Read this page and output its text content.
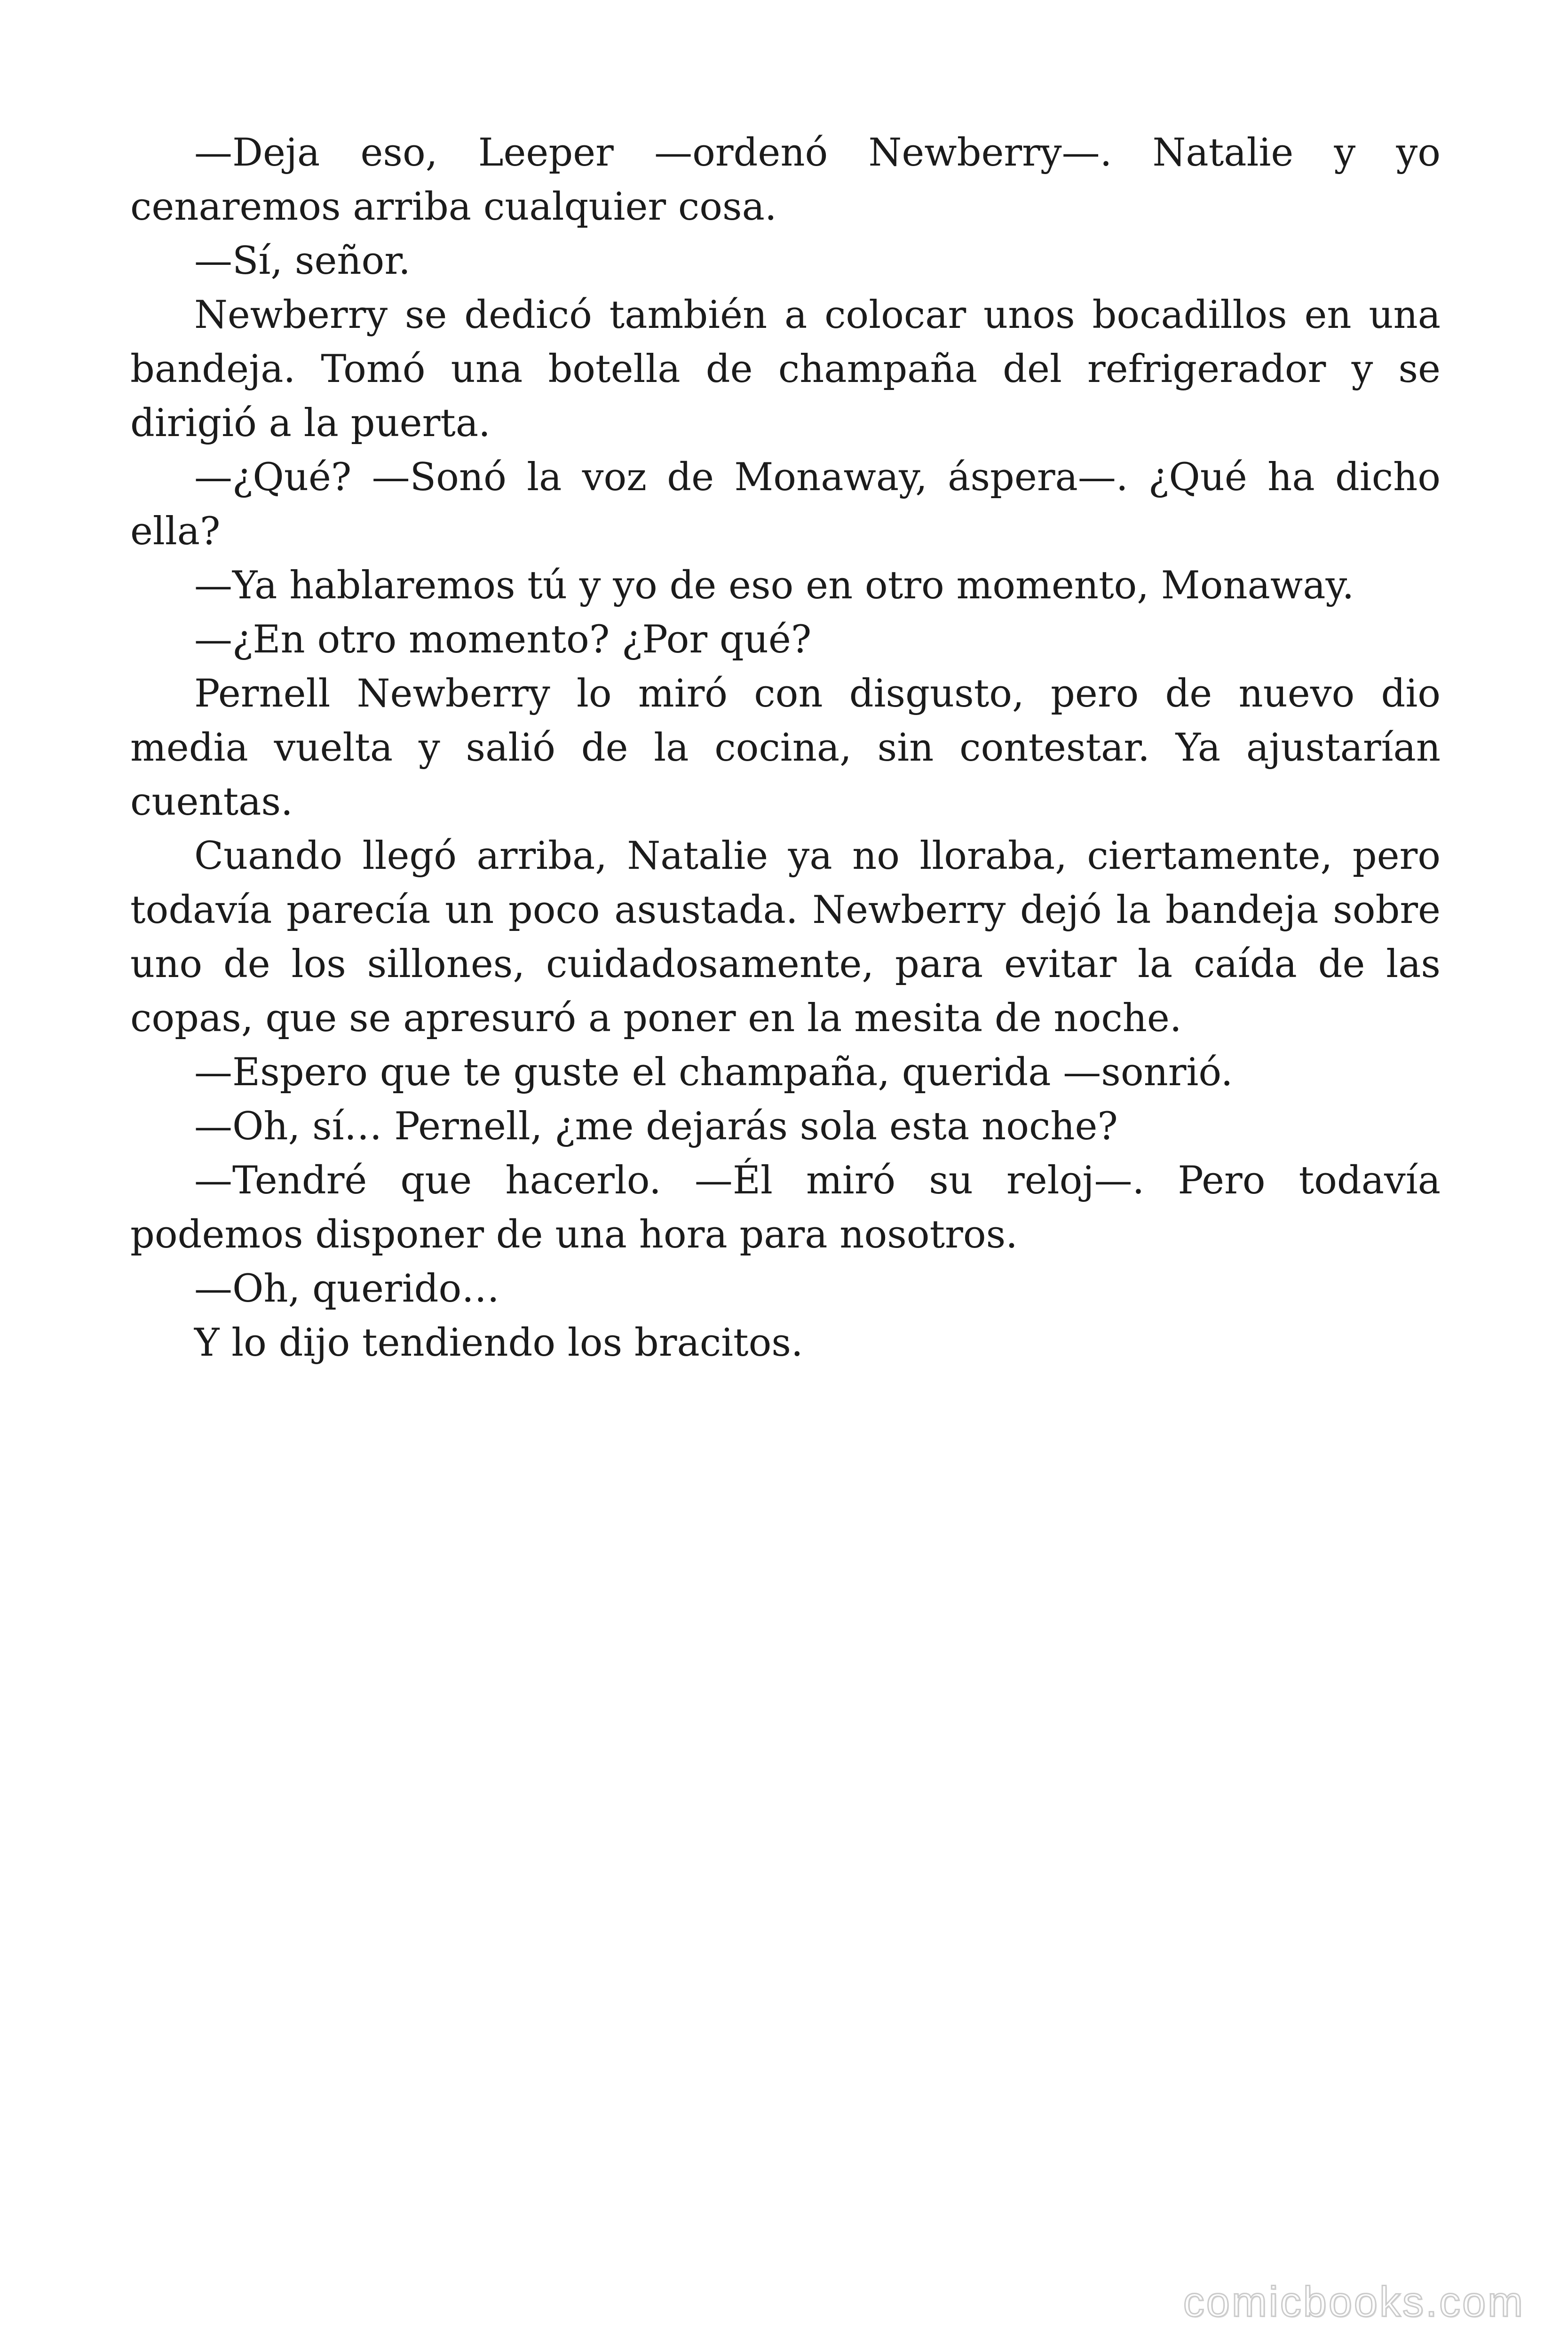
—Deja eso, Leeper —ordenó Newberry—. Natalie y yo cenaremos arriba cualquier cosa.

—Sí, señor.

Newberry se dedicó también a colocar unos bocadillos en una bandeja. Tomó una botella de champaña del refrigerador y se dirigió a la puerta.

—¿Qué? —Sonó la voz de Monaway, áspera—. ¿Qué ha dicho ella?

—Ya hablaremos tú y yo de eso en otro momento, Monaway.

—¿En otro momento? ¿Por qué?

Pernell Newberry lo miró con disgusto, pero de nuevo dio media vuelta y salió de la cocina, sin contestar. Ya ajustarían cuentas.

Cuando llegó arriba, Natalie ya no lloraba, ciertamente, pero todavía parecía un poco asustada. Newberry dejó la bandeja sobre uno de los sillones, cuidadosamente, para evitar la caída de las copas, que se apresuró a poner en la mesita de noche.

—Espero que te guste el champaña, querida —sonrió.

—Oh, sí… Pernell, ¿me dejarás sola esta noche?

—Tendré que hacerlo. —Él miró su reloj—. Pero todavía podemos disponer de una hora para nosotros.

—Oh, querido…

Y lo dijo tendiendo los bracitos.

comicbooks.com
